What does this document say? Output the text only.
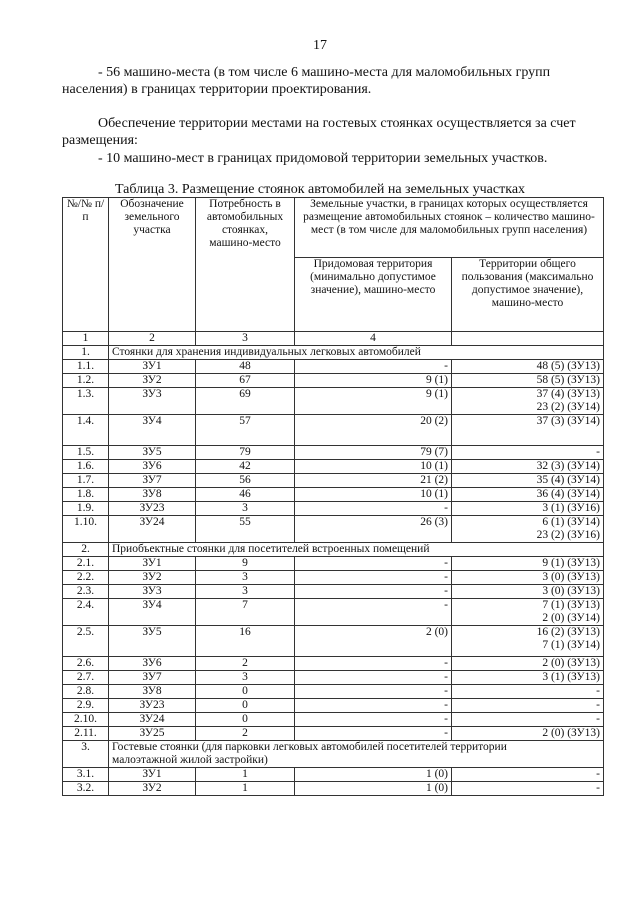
17
- 56 машино-места (в том числе 6 машино-места для маломобильных групп
населения) в границах территории проектирования.
Обеспечение территории местами на гостевых стоянках осуществляется за счет
размещения:
- 10 машино-мест в границах придомовой территории земельных участков.
Таблица 3. Размещение стоянок автомобилей на земельных участках
№/№ п/п	Обозначение земельного участка	Потребность в автомобильных стоянках, машино-место	Земельные участки, в границах которых осуществляется размещение автомобильных стоянок – количество машино-мест (в том числе для маломобильных групп населения)	
			Придомовая территория (минимально допустимое значение), машино-место	Территории общего пользования (максимально допустимое значение), машино-место
1	2	3	4	
1.	Стоянки для хранения индивидуальных легковых автомобилей			
1.1.	ЗУ1	48	-	48 (5) (ЗУ13)

1.2.	ЗУ2	67	9 (1)	58 (5) (ЗУ13)

1.3.	ЗУ3	69	9 (1)	37 (4) (ЗУ13)
23 (2) (ЗУ14)

1.4.	ЗУ4	57	20 (2)	37 (3) (ЗУ14)

1.5.	ЗУ5	79	79 (7)	-

1.6.	ЗУ6	42	10 (1)	32 (3) (ЗУ14)

1.7.	ЗУ7	56	21 (2)	35 (4) (ЗУ14)

1.8.	ЗУ8	46	10 (1)	36 (4) (ЗУ14)

1.9.	ЗУ23	3	-	3 (1) (ЗУ16)

1.10.	ЗУ24	55	26 (3)	6 (1) (ЗУ14)
23 (2) (ЗУ16)

2.	Приобъектные стоянки для посетителей встроенных помещений			
2.1.	ЗУ1	9	-	9 (1) (ЗУ13)

2.2.	ЗУ2	3	-	3 (0) (ЗУ13)

2.3.	ЗУ3	3	-	3 (0) (ЗУ13)

2.4.	ЗУ4	7	-	7 (1) (ЗУ13)
2 (0) (ЗУ14)

2.5.	ЗУ5	16	2 (0)	16 (2) (ЗУ13)
7 (1) (ЗУ14)

2.6.	ЗУ6	2	-	2 (0) (ЗУ13)

2.7.	ЗУ7	3	-	3 (1) (ЗУ13)

2.8.	ЗУ8	0	-	-

2.9.	ЗУ23	0	-	-

2.10.	ЗУ24	0	-	-

2.11.	ЗУ25	2	-	2 (0) (ЗУ13)

3.	Гостевые стоянки (для парковки легковых автомобилей посетителей территории
малоэтажной жилой застройки)			

3.1.	ЗУ1	1	1 (0)	-

3.2.	ЗУ2	1	1 (0)	-
